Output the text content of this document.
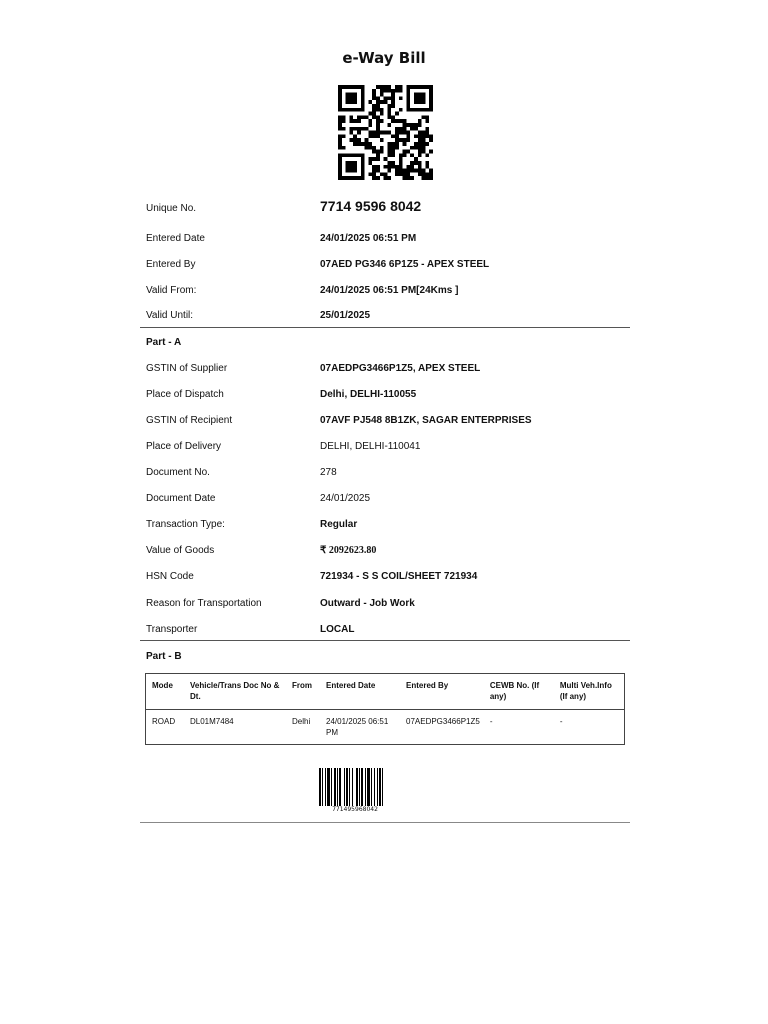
e-Way Bill
Unique No.	7714 9596 8042
Entered Date	24/01/2025 06:51 PM
Entered By	07AED PG346 6P1Z5 - APEX STEEL
Valid From:	24/01/2025 06:51 PM[24Kms ]
Valid Until:	25/01/2025
Part - A
GSTIN of Supplier	07AEDPG3466P1Z5, APEX STEEL
Place of Dispatch	Delhi, DELHI-110055
GSTIN of Recipient	07AVF PJ548 8B1ZK, SAGAR ENTERPRISES
Place of Delivery	DELHI, DELHI-110041
Document No.	278
Document Date	24/01/2025
Transaction Type:	Regular
Value of Goods	₹ 2092623.80
HSN Code	721934 - S S COIL/SHEET 721934
Reason for Transportation	Outward - Job Work
Transporter	LOCAL
Part - B
Mode	Vehicle/Trans Doc No & Dt.	From	Entered Date	Entered By	CEWB No. (If any)	Multi Veh.Info (If any)
ROAD	DL01M7484	Delhi	24/01/2025 06:51 PM	07AEDPG3466P1Z5	-	-
771495968042
